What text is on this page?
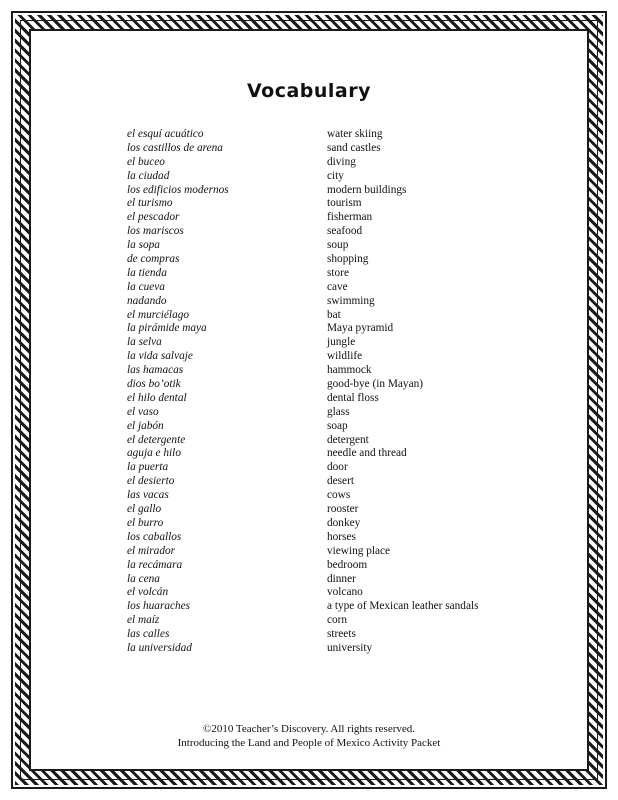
Vocabulary
el esquí acuático	water skiing
los castillos de arena	sand castles
el buceo	diving
la ciudad	city
los edificios modernos	modern buildings
el turismo	tourism
el pescador	fisherman
los mariscos	seafood
la sopa	soup
de compras	shopping
la tienda	store
la cueva	cave
nadando	swimming
el murciélago	bat
la pirámide maya	Maya pyramid
la selva	jungle
la vida salvaje	wildlife
las hamacas	hammock
dios bo’otik	good-bye (in Mayan)
el hilo dental	dental floss
el vaso	glass
el jabón	soap
el detergente	detergent
aguja e hilo	needle and thread
la puerta	door
el desierto	desert
las vacas	cows
el gallo	rooster
el burro	donkey
los caballos	horses
el mirador	viewing place
la recámara	bedroom
la cena	dinner
el volcán	volcano
los huaraches	a type of Mexican leather sandals
el maíz	corn
las calles	streets
la universidad	university
©2010 Teacher’s Discovery. All rights reserved.
Introducing the Land and People of Mexico Activity Packet
